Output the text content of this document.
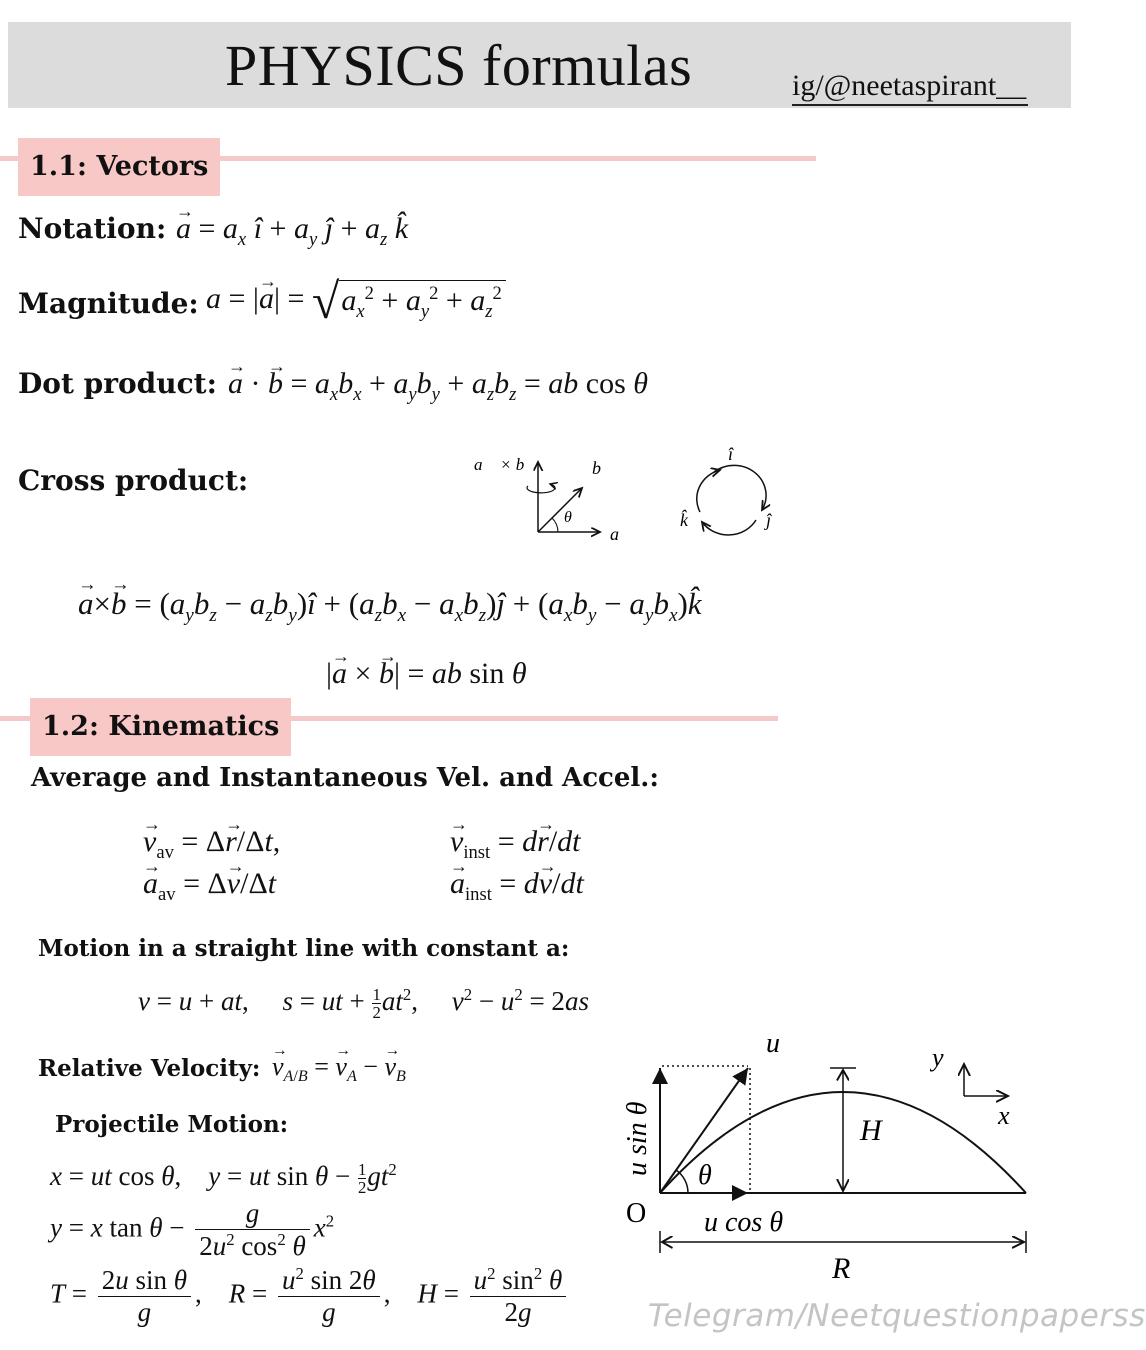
PHYSICS formulas	ig/@neetaspirant__
1.1: Vectors
Notation: → $a = a_x$ î + $a_y$ ĵ + $a_z$ k̂
Magnitude: a = |→ $a| = √a_x^2 + a_y^2 + a_z^2$
Dot product: → a · → $b = a_xb_x + a_yb_y + a_zb_z$ = ab cos θ
Cross product:	a⃗ × b⃗	b⃗
a⃗
θ
î
ĵ
k̂
→ $a\times\to b = (a_yb_z$ − $a_zb_y)î + (a_zb_x$ − $a_xb_z)ĵ + (a_xb_y$ − $a_yb_x)k̂$
|→ a × → b| = ab sin θ
1.2: Kinematics
Average and Instantaneous Vel. and Accel.:
→ $v_{av} = \Delta\to r/\Delta t$,	→ $v_{inst} = d\to r/dt$
→ $a_{av} = \Delta\to v/\Delta t$	→ $a_{inst} = d\to v/dt$
Motion in a straight line with constant a:
v = u + at,     s = ut + $\frac{1}{2} at^2$,     $v^2 - u^2 = 2as$
Relative Velocity: → $v_{A/B}$ = → $v_A$ − → $v_B$
Projectile Motion:
x = ut cos θ,    y = ut $\sin \theta - \frac{1}{2} gt^2$
y = x $\tan \theta - \frac{g}{2u^2 \cos^2 \theta} x^2$
$T = \frac{\text{2u sin θ}}{g}$ ,    $R = \frac{u^2 \sin 2\theta}{g}$ ,    $H = \frac{u^2 \sin^2 \theta}{2g}$
u
θ
O
H
R
u cos θ
u sin θ
y
x
Telegram/Neetquestionpaperss
